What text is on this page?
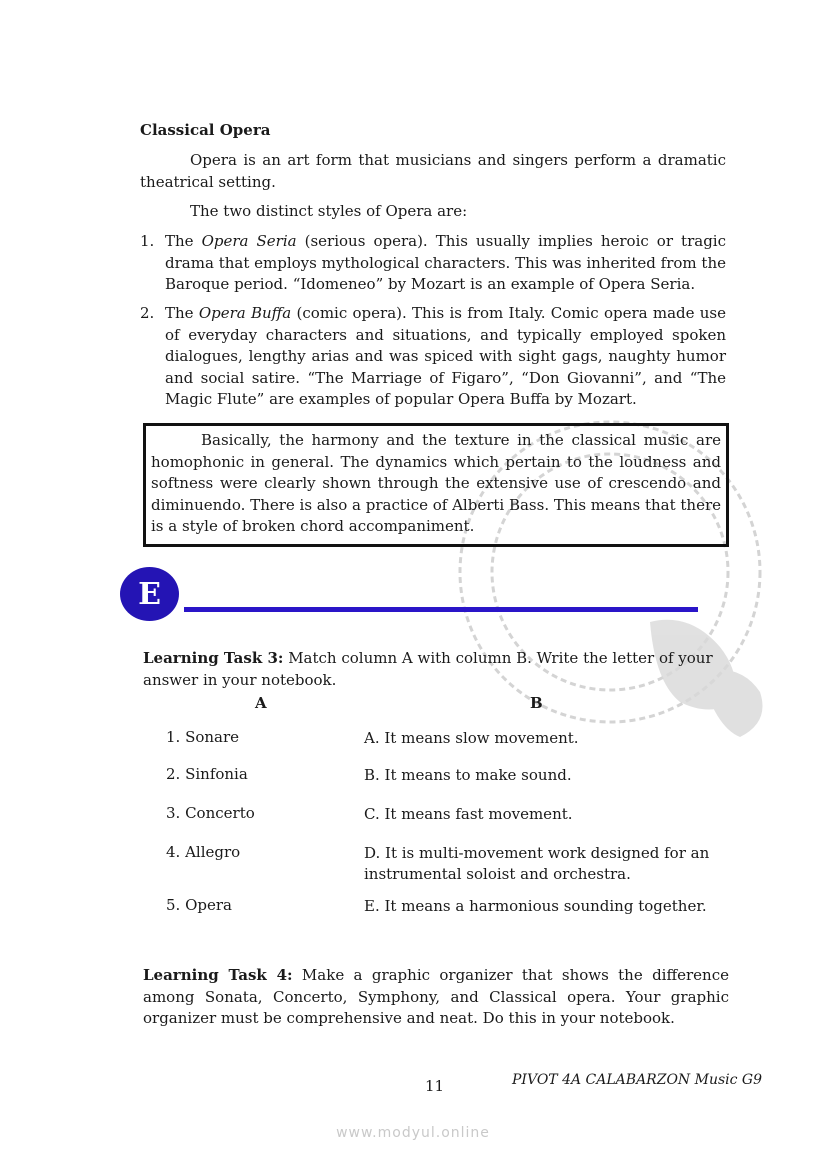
Classical Opera
Opera is an art form that musicians and singers perform a dramatic theatrical setting.
The two distinct styles of Opera are:
1. The Opera Seria (serious opera). This usually implies heroic or tragic drama that employs mythological characters. This was inherited from the Baroque period. “Idomeneo” by Mozart is an example of Opera Seria.
2. The Opera Buffa (comic opera). This is from Italy. Comic opera made use of everyday characters and situations, and typically employed spoken dialogues, lengthy arias and was spiced with sight gags, naughty humor and social satire. “The Marriage of Figaro”, “Don Giovanni”, and “The Magic Flute” are examples of popular Opera Buffa by Mozart.
Basically, the harmony and the texture in the classical music are homophonic in general. The dynamics which pertain to the loudness and softness were clearly shown through the extensive use of crescendo and diminuendo. There is also a practice of Alberti Bass. This means that there is a style of broken chord accompaniment.
E
Learning Task 3: Match column A with column B. Write the letter of your answer in your notebook.
A	B
1. Sonare
2. Sinfonia
3. Concerto
4. Allegro
5. Opera
A. It means slow movement.
B. It means to make sound.
C. It means fast movement.
D. It is multi-movement work designed for an instrumental soloist and orchestra.
E. It means a harmonious sounding together.
Learning Task 4: Make a graphic organizer that shows the difference among Sonata, Concerto, Symphony, and Classical opera. Your graphic organizer must be comprehensive and neat. Do this in your notebook.
11	PIVOT 4A CALABARZON Music G9
www.modyul.online
